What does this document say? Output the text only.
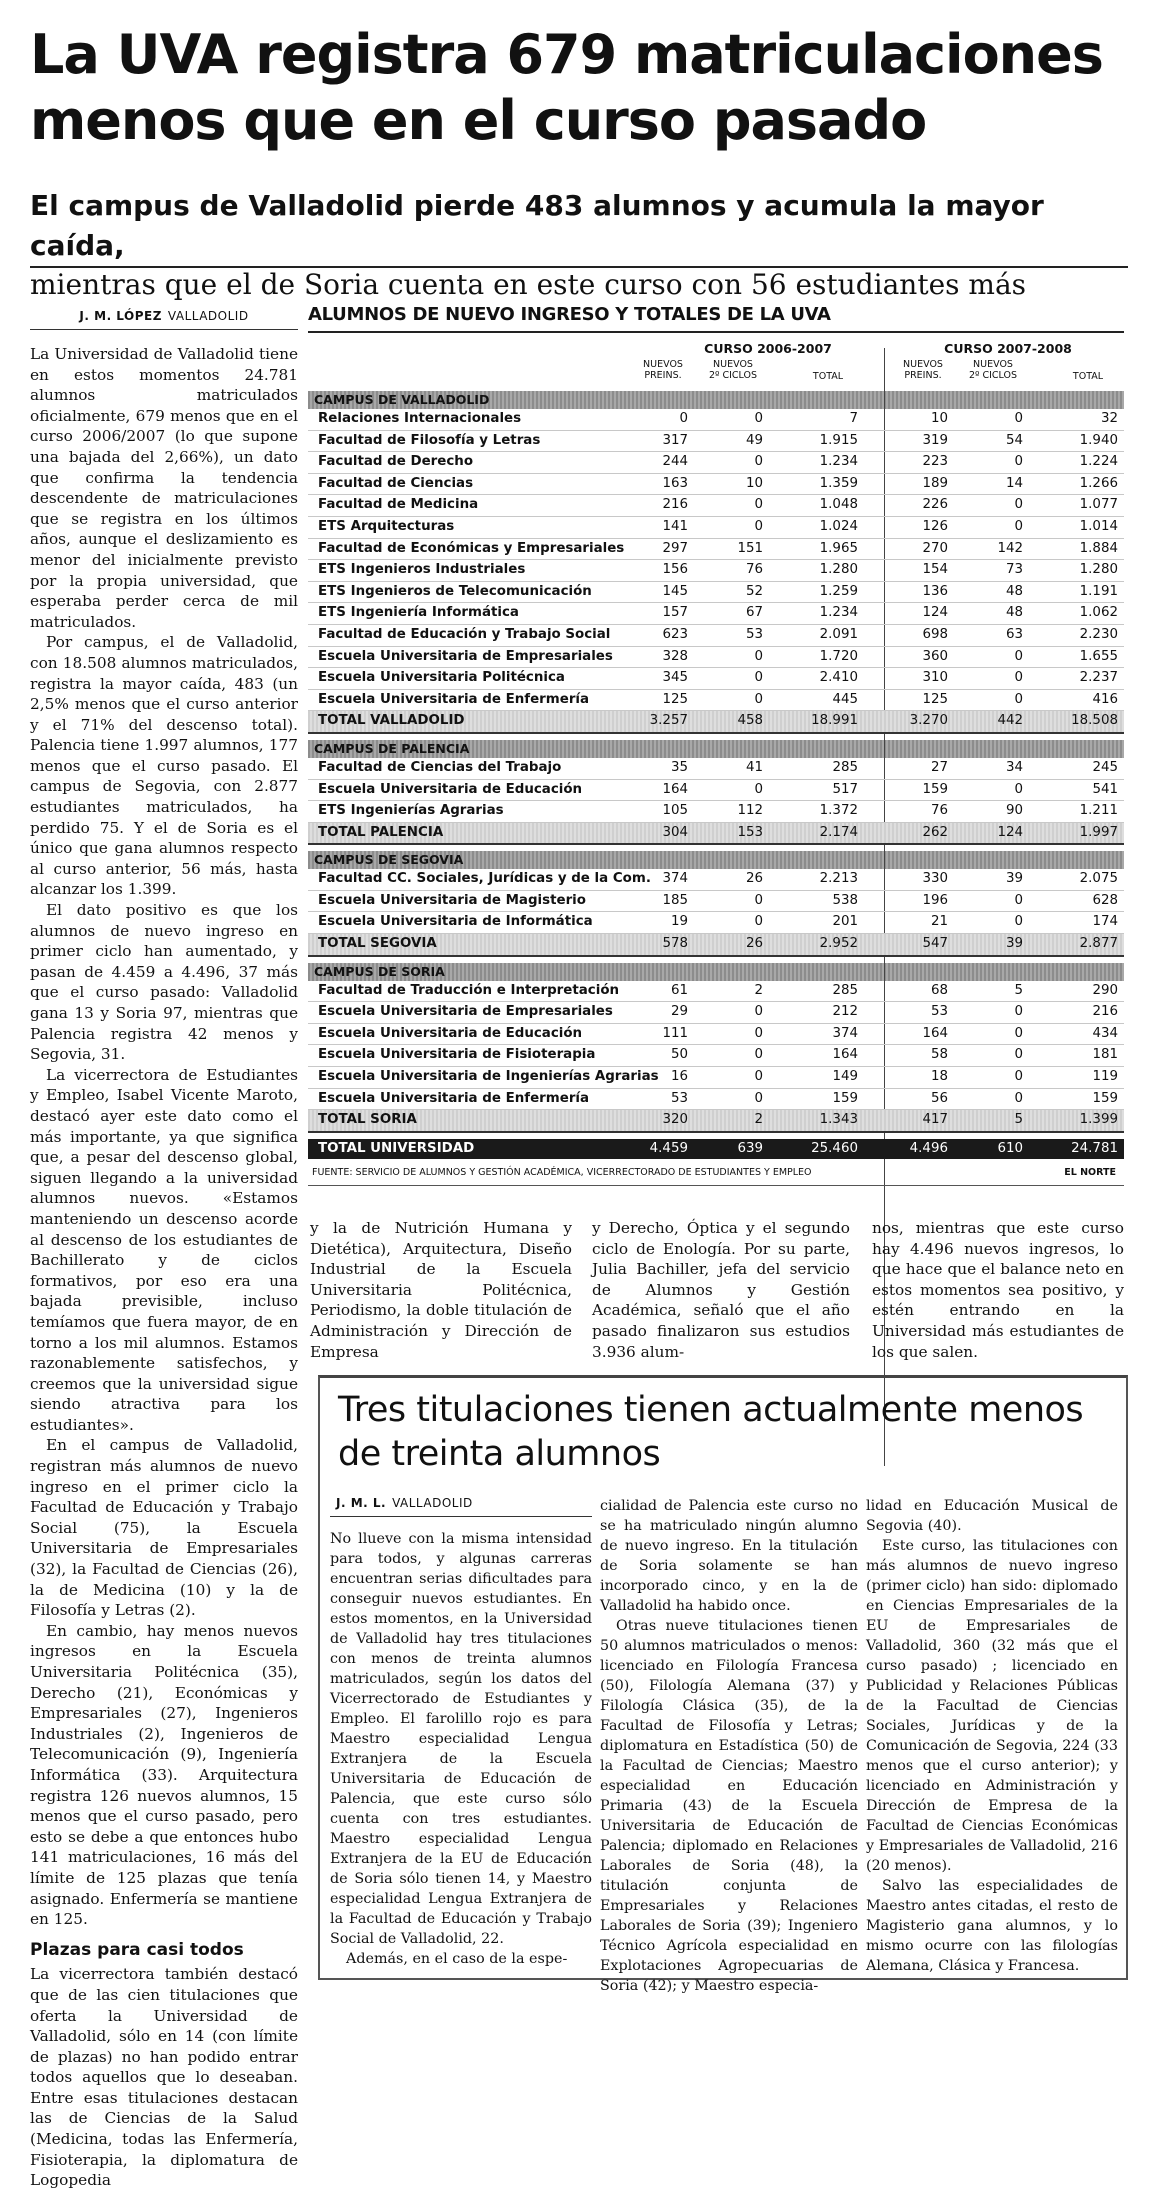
La UVA registra 679 matriculaciones menos que en el curso pasado
El campus de Valladolid pierde 483 alumnos y acumula la mayor caída,
mientras que el de Soria cuenta en este curso con 56 estudiantes más
J. M. LÓPEZ VALLADOLID

La Universidad de Valladolid tiene en estos momentos 24.781 alumnos matriculados oficialmente, 679 menos que en el curso 2006/2007 (lo que supone una bajada del 2,66%), un dato que confirma la tendencia descendente de matriculaciones que se registra en los últimos años, aunque el deslizamiento es menor del inicialmente previsto por la propia universidad, que esperaba perder cerca de mil matriculados.

Por campus, el de Valladolid, con 18.508 alumnos matriculados, registra la mayor caída, 483 (un 2,5% menos que el curso anterior y el 71% del descenso total). Palencia tiene 1.997 alumnos, 177 menos que el curso pasado. El campus de Segovia, con 2.877 estudiantes matriculados, ha perdido 75. Y el de Soria es el único que gana alumnos respecto al curso anterior, 56 más, hasta alcanzar los 1.399.

El dato positivo es que los alumnos de nuevo ingreso en primer ciclo han aumentado, y pasan de 4.459 a 4.496, 37 más que el curso pasado: Valladolid gana 13 y Soria 97, mientras que Palencia registra 42 menos y Segovia, 31.

La vicerrectora de Estudiantes y Empleo, Isabel Vicente Maroto, destacó ayer este dato como el más importante, ya que significa que, a pesar del descenso global, siguen llegando a la universidad alumnos nuevos. «Estamos manteniendo un descenso acorde al descenso de los estudiantes de Bachillerato y de ciclos formativos, por eso era una bajada previsible, incluso temíamos que fuera mayor, de en torno a los mil alumnos. Estamos razonablemente satisfechos, y creemos que la universidad sigue siendo atractiva para los estudiantes».

En el campus de Valladolid, registran más alumnos de nuevo ingreso en el primer ciclo la Facultad de Educación y Trabajo Social (75), la Escuela Universitaria de Empresariales (32), la Facultad de Ciencias (26), la de Medicina (10) y la de Filosofía y Letras (2).

En cambio, hay menos nuevos ingresos en la Escuela Universitaria Politécnica (35), Derecho (21), Económicas y Empresariales (27), Ingenieros Industriales (2), Ingenieros de Telecomunicación (9), Ingeniería Informática (33). Arquitectura registra 126 nuevos alumnos, 15 menos que el curso pasado, pero esto se debe a que entonces hubo 141 matriculaciones, 16 más del límite de 125 plazas que tenía asignado. Enfermería se mantiene en 125.

Plazas para casi todos

La vicerrectora también destacó que de las cien titulaciones que oferta la Universidad de Valladolid, sólo en 14 (con límite de plazas) no han podido entrar todos aquellos que lo deseaban. Entre esas titulaciones destacan las de Ciencias de la Salud (Medicina, todas las Enfermería, Fisioterapia, la diplomatura de Logopedia

ALUMNOS DE NUEVO INGRESO Y TOTALES DE LA UVA
CURSO 2006-2007	CURSO 2007-2008
NUEVOS
PREINS.
NUEVOS
2º CICLOS	TOTAL
NUEVOS
PREINS.
NUEVOS
2º CICLOS	TOTAL
CAMPUS DE VALLADOLID
Relaciones Internacionales	0	0	7	10	0	32
Facultad de Filosofía y Letras	317	49	1.915	319	54	1.940
Facultad de Derecho	244	0	1.234	223	0	1.224
Facultad de Ciencias	163	10	1.359	189	14	1.266
Facultad de Medicina	216	0	1.048	226	0	1.077
ETS Arquitecturas	141	0	1.024	126	0	1.014
Facultad de Económicas y Empresariales	297	151	1.965	270	142	1.884
ETS Ingenieros Industriales	156	76	1.280	154	73	1.280
ETS Ingenieros de Telecomunicación	145	52	1.259	136	48	1.191
ETS Ingeniería Informática	157	67	1.234	124	48	1.062
Facultad de Educación y Trabajo Social	623	53	2.091	698	63	2.230
Escuela Universitaria de Empresariales	328	0	1.720	360	0	1.655
Escuela Universitaria Politécnica	345	0	2.410	310	0	2.237
Escuela Universitaria de Enfermería	125	0	445	125	0	416
TOTAL VALLADOLID	3.257	458	18.991	3.270	442	18.508
CAMPUS DE PALENCIA
Facultad de Ciencias del Trabajo	35	41	285	27	34	245
Escuela Universitaria de Educación	164	0	517	159	0	541
ETS Ingenierías Agrarias	105	112	1.372	76	90	1.211
TOTAL PALENCIA	304	153	2.174	262	124	1.997
CAMPUS DE SEGOVIA
Facultad CC. Sociales, Jurídicas y de la Com. 374	26	2.213	330	39	2.075
Escuela Universitaria de Magisterio	185	0	538	196	0	628
Escuela Universitaria de Informática	19	0	201	21	0	174
TOTAL SEGOVIA	578	26	2.952	547	39	2.877
CAMPUS DE SORIA
Facultad de Traducción e Interpretación	61	2	285	68	5	290
Escuela Universitaria de Empresariales	29	0	212	53	0	216
Escuela Universitaria de Educación	111	0	374	164	0	434
Escuela Universitaria de Fisioterapia	50	0	164	58	0	181
Escuela Universitaria de Ingenierías Agrarias 16	0	149	18	0	119
Escuela Universitaria de Enfermería	53	0	159	56	0	159
TOTAL SORIA	320	2	1.343	417	5	1.399
TOTAL UNIVERSIDAD	4.459	639	25.460	4.496	610	24.781
FUENTE: SERVICIO DE ALUMNOS Y GESTIÓN ACADÉMICA, VICERRECTORADO DE ESTUDIANTES Y EMPLEO	EL NORTE

y la de Nutrición Humana y Dietética), Arquitectura, Diseño Industrial de la Escuela Universitaria Politécnica, Periodismo, la doble titulación de Administración y Dirección de Empresa

y Derecho, Óptica y el segundo ciclo de Enología. Por su parte, Julia Bachiller, jefa del servicio de Alumnos y Gestión Académica, señaló que el año pasado finalizaron sus estudios 3.936 alum-

nos, mientras que este curso hay 4.496 nuevos ingresos, lo que hace que el balance neto en estos momentos sea positivo, y estén entrando en la Universidad más estudiantes de los que salen.

Tres titulaciones tienen actualmente menos de treinta alumnos
J. M. L. VALLADOLID

No llueve con la misma intensidad para todos, y algunas carreras encuentran serias dificultades para conseguir nuevos estudiantes. En estos momentos, en la Universidad de Valladolid hay tres titulaciones con menos de treinta alumnos matriculados, según los datos del Vicerrectorado de Estudiantes y Empleo. El farolillo rojo es para Maestro especialidad Lengua Extranjera de la Escuela Universitaria de Educación de Palencia, que este curso sólo cuenta con tres estudiantes. Maestro especialidad Lengua Extranjera de la EU de Educación de Soria sólo tienen 14, y Maestro especialidad Lengua Extranjera de la Facultad de Educación y Trabajo Social de Valladolid, 22.

Además, en el caso de la espe-

cialidad de Palencia este curso no se ha matriculado ningún alumno de nuevo ingreso. En la titulación de Soria solamente se han incorporado cinco, y en la de Valladolid ha habido once.

Otras nueve titulaciones tienen 50 alumnos matriculados o menos: licenciado en Filología Francesa (50), Filología Alemana (37) y Filología Clásica (35), de la Facultad de Filosofía y Letras; diplomatura en Estadística (50) de la Facultad de Ciencias; Maestro especialidad en Educación Primaria (43) de la Escuela Universitaria de Educación de Palencia; diplomado en Relaciones Laborales de Soria (48), la titulación conjunta de Empresariales y Relaciones Laborales de Soria (39); Ingeniero Técnico Agrícola especialidad en Explotaciones Agropecuarias de Soria (42); y Maestro especia-

lidad en Educación Musical de Segovia (40).

Este curso, las titulaciones con más alumnos de nuevo ingreso (primer ciclo) han sido: diplomado en Ciencias Empresariales de la EU de Empresariales de Valladolid, 360 (32 más que el curso pasado) ; licenciado en Publicidad y Relaciones Públicas de la Facultad de Ciencias Sociales, Jurídicas y de la Comunicación de Segovia, 224 (33 menos que el curso anterior); y licenciado en Administración y Dirección de Empresa de la Facultad de Ciencias Económicas y Empresariales de Valladolid, 216 (20 menos).

Salvo las especialidades de Maestro antes citadas, el resto de Magisterio gana alumnos, y lo mismo ocurre con las filologías Alemana, Clásica y Francesa.
